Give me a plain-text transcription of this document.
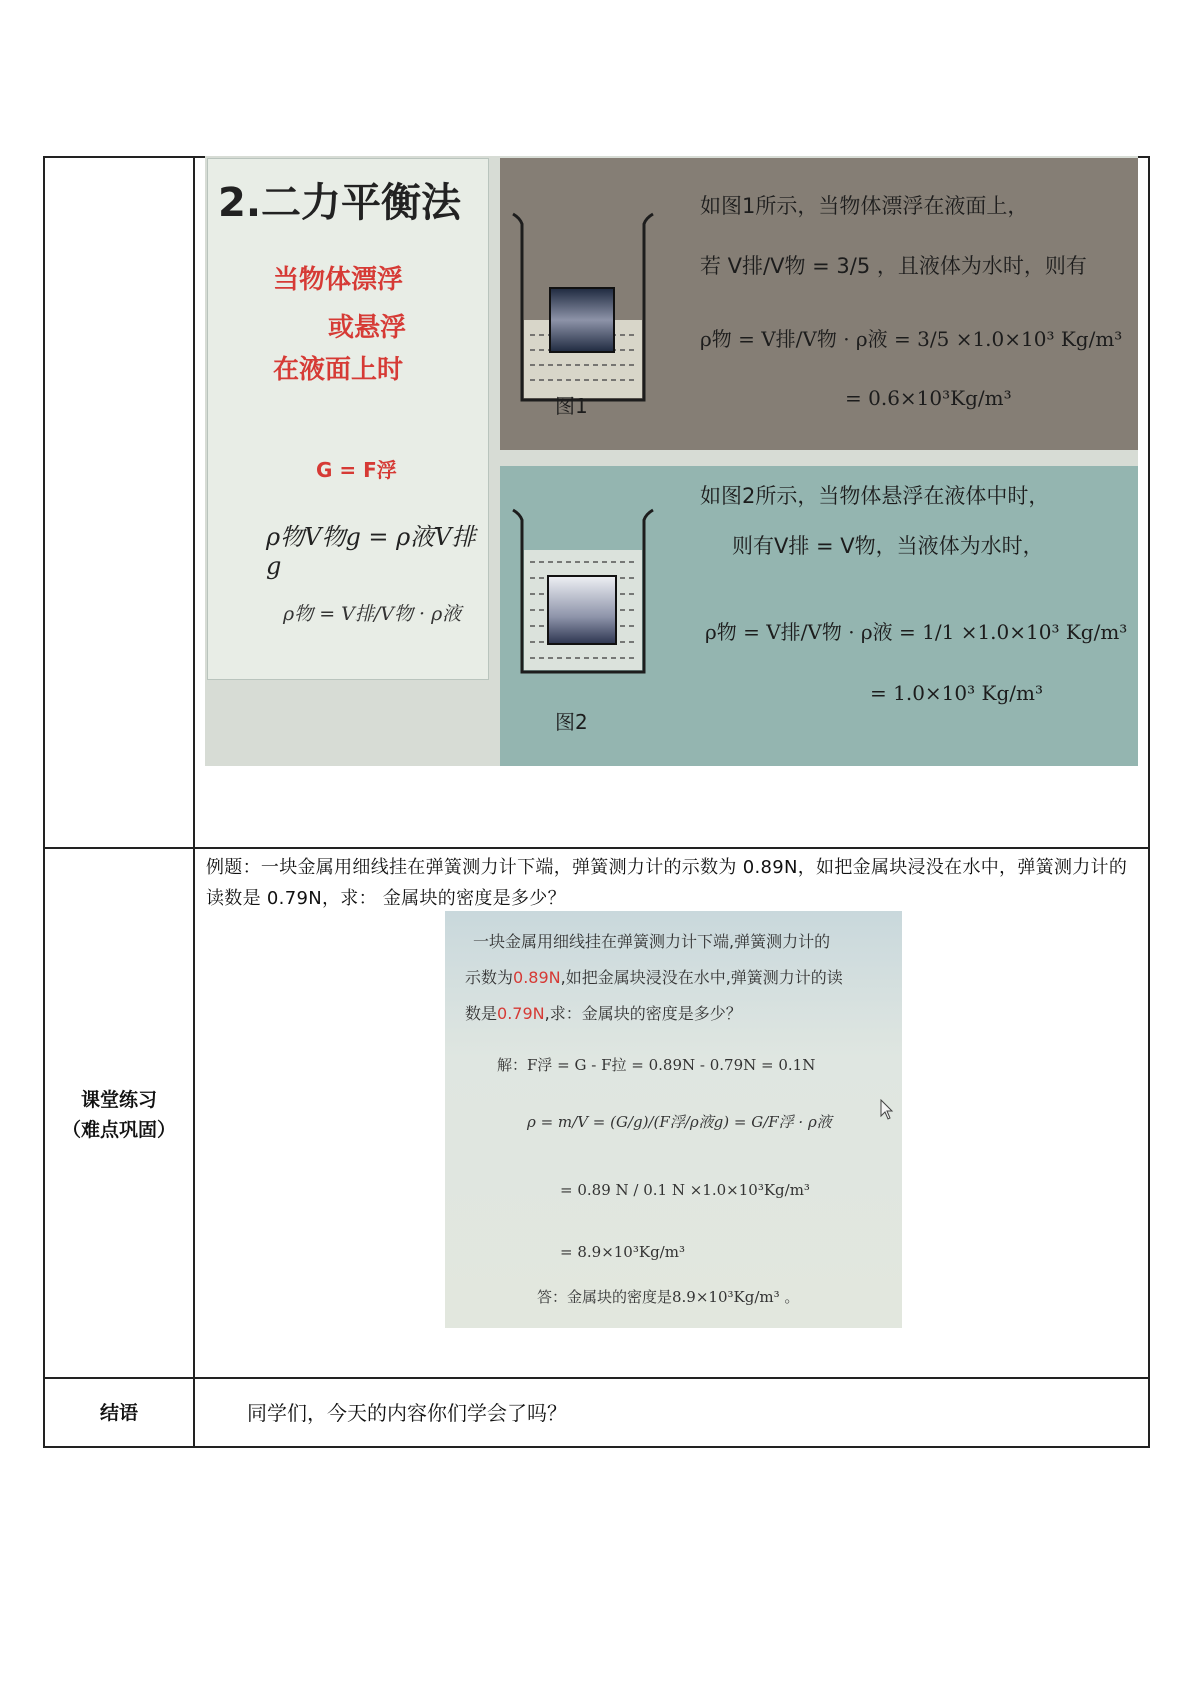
课堂练习
（难点巩固）
结语
2.二力平衡法
当物体漂浮
或悬浮
在液面上时
G = F浮
ρ物V物g = ρ液V排g
ρ物 = V排/V物 · ρ液
图1
如图1所示，当物体漂浮在液面上，
若 V排/V物 = 3/5 ，且液体为水时，则有
ρ物 = V排/V物 · ρ液 = 3/5 ×1.0×10³ Kg/m³
= 0.6×10³Kg/m³
图2
如图2所示，当物体悬浮在液体中时，
则有V排 = V物，当液体为水时，
ρ物 = V排/V物 · ρ液 = 1/1 ×1.0×10³ Kg/m³
= 1.0×10³ Kg/m³
例题：一块金属用细线挂在弹簧测力计下端，弹簧测力计的示数为 0.89N，如把金属块浸没在水中，弹簧测力计的读数是 0.79N，求： 金属块的密度是多少？
一块金属用细线挂在弹簧测力计下端,弹簧测力计的
示数为0.89N,如把金属块浸没在水中,弹簧测力计的读
数是0.79N,求：金属块的密度是多少？
解：F浮 = G - F拉 = 0.89N - 0.79N = 0.1N
ρ = m/V = (G/g)/(F浮/ρ液g) = G/F浮 · ρ液
= 0.89 N / 0.1 N ×1.0×10³Kg/m³
= 8.9×10³Kg/m³
答：金属块的密度是8.9×10³Kg/m³ 。
同学们，今天的内容你们学会了吗？
